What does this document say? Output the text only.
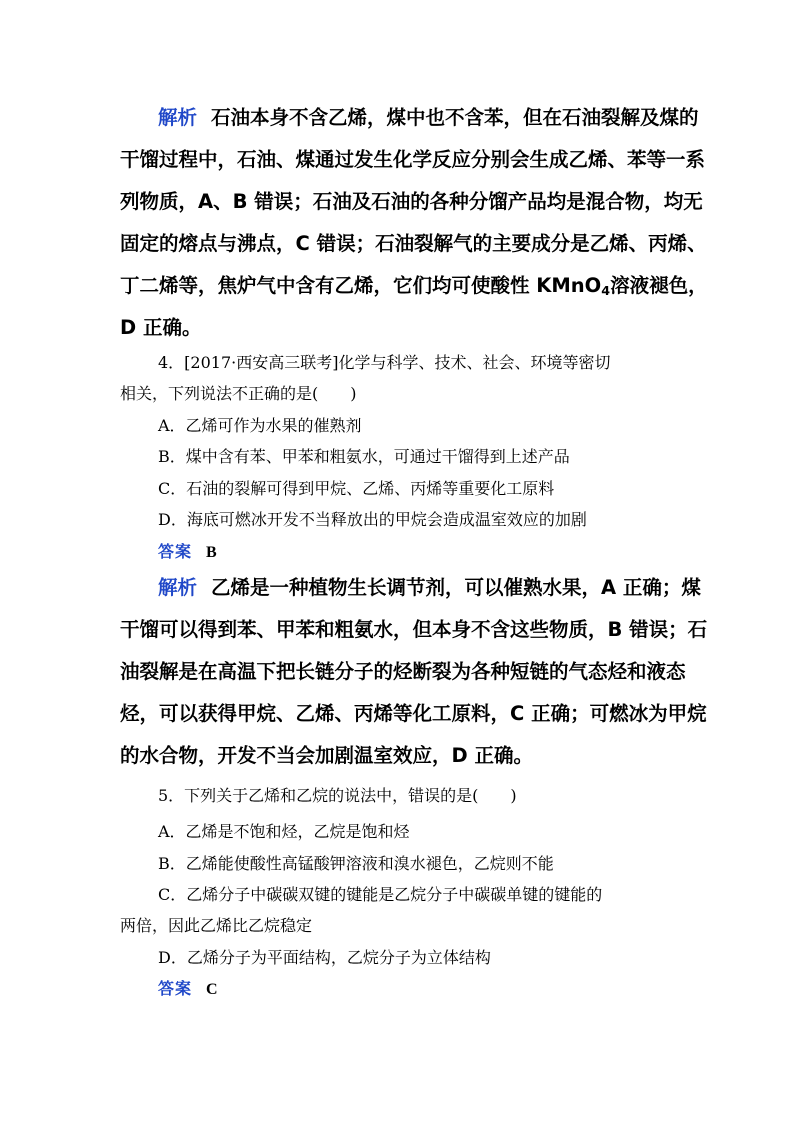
解析 石油本身不含乙烯，煤中也不含苯，但在石油裂解及煤的
干馏过程中，石油、煤通过发生化学反应分别会生成乙烯、苯等一系
列物质，A、B 错误；石油及石油的各种分馏产品均是混合物，均无
固定的熔点与沸点，C 错误；石油裂解气的主要成分是乙烯、丙烯、
丁二烯等，焦炉气中含有乙烯，它们均可使酸性 KMnO$_4$溶液褪色，
D 正确。
4．[2017·西安高三联考]化学与科学、技术、社会、环境等密切
相关，下列说法不正确的是(　　)
A．乙烯可作为水果的催熟剂
B．煤中含有苯、甲苯和粗氨水，可通过干馏得到上述产品
C．石油的裂解可得到甲烷、乙烯、丙烯等重要化工原料
D．海底可燃冰开发不当释放出的甲烷会造成温室效应的加剧
答案 B
解析 乙烯是一种植物生长调节剂，可以催熟水果，A 正确；煤
干馏可以得到苯、甲苯和粗氨水，但本身不含这些物质，B 错误；石
油裂解是在高温下把长链分子的烃断裂为各种短链的气态烃和液态
烃，可以获得甲烷、乙烯、丙烯等化工原料，C 正确；可燃冰为甲烷
的水合物，开发不当会加剧温室效应，D 正确。
5．下列关于乙烯和乙烷的说法中，错误的是(　　)
A．乙烯是不饱和烃，乙烷是饱和烃
B．乙烯能使酸性高锰酸钾溶液和溴水褪色，乙烷则不能
C．乙烯分子中碳碳双键的键能是乙烷分子中碳碳单键的键能的
两倍，因此乙烯比乙烷稳定
D．乙烯分子为平面结构，乙烷分子为立体结构
答案 C
